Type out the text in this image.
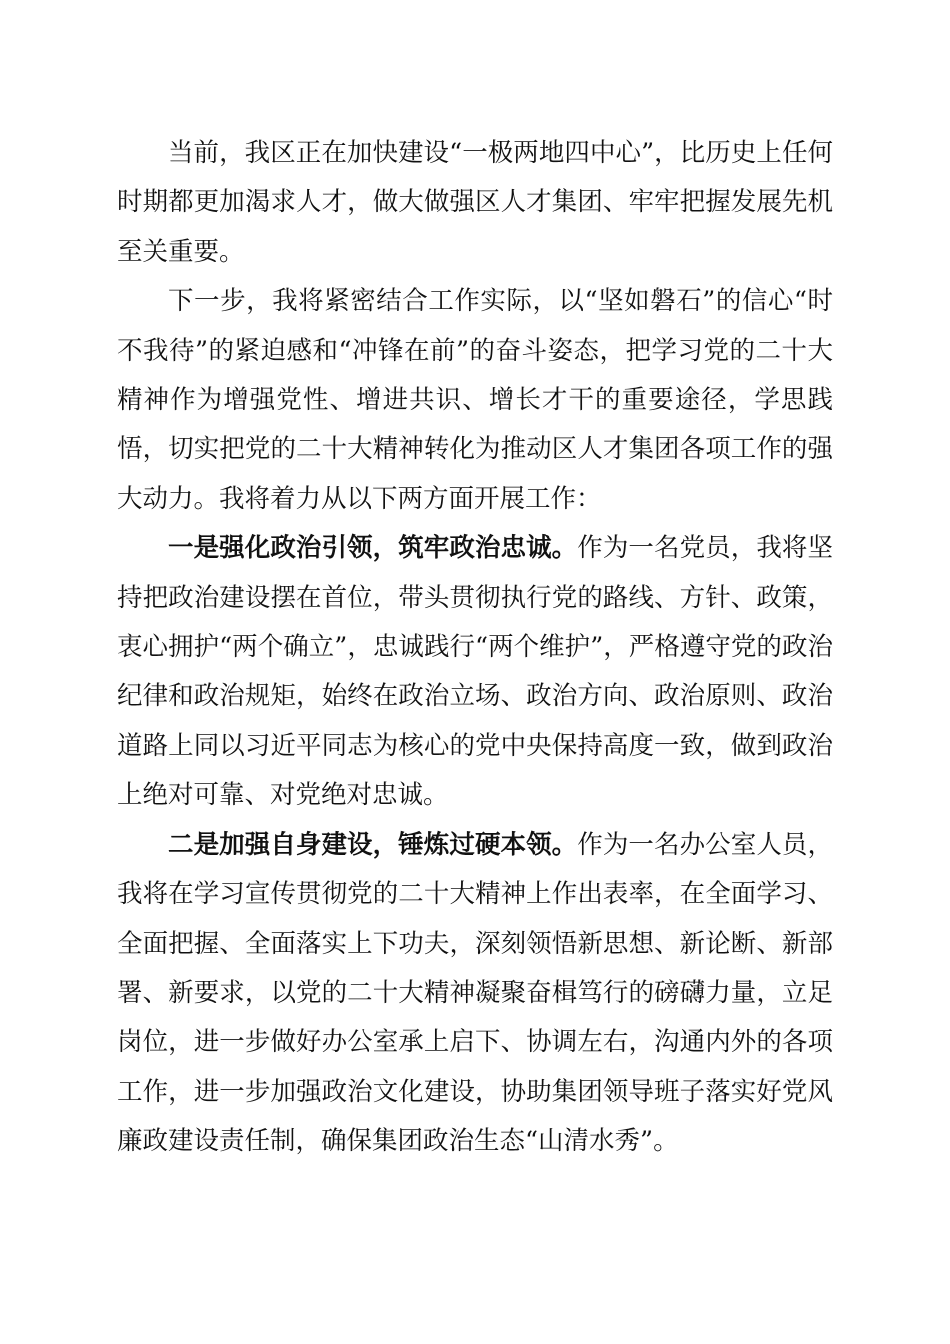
当前，我区正在加快建设“一极两地四中心”，比历史上任何时期都更加渴求人才，做大做强区人才集团、牢牢把握发展先机至关重要。

下一步，我将紧密结合工作实际，以“坚如磐石”的信心“时不我待”的紧迫感和“冲锋在前”的奋斗姿态，把学习党的二十大精神作为增强党性、增进共识、增长才干的重要途径，学思践悟，切实把党的二十大精神转化为推动区人才集团各项工作的强大动力。我将着力从以下两方面开展工作：

一是强化政治引领，筑牢政治忠诚。作为一名党员，我将坚持把政治建设摆在首位，带头贯彻执行党的路线、方针、政策，衷心拥护“两个确立”，忠诚践行“两个维护”，严格遵守党的政治纪律和政治规矩，始终在政治立场、政治方向、政治原则、政治道路上同以习近平同志为核心的党中央保持高度一致，做到政治上绝对可靠、对党绝对忠诚。

二是加强自身建设，锤炼过硬本领。作为一名办公室人员，我将在学习宣传贯彻党的二十大精神上作出表率，在全面学习、全面把握、全面落实上下功夫，深刻领悟新思想、新论断、新部署、新要求，以党的二十大精神凝聚奋楫笃行的磅礴力量，立足岗位，进一步做好办公室承上启下、协调左右，沟通内外的各项工作，进一步加强政治文化建设，协助集团领导班子落实好党风廉政建设责任制，确保集团政治生态“山清水秀”。
